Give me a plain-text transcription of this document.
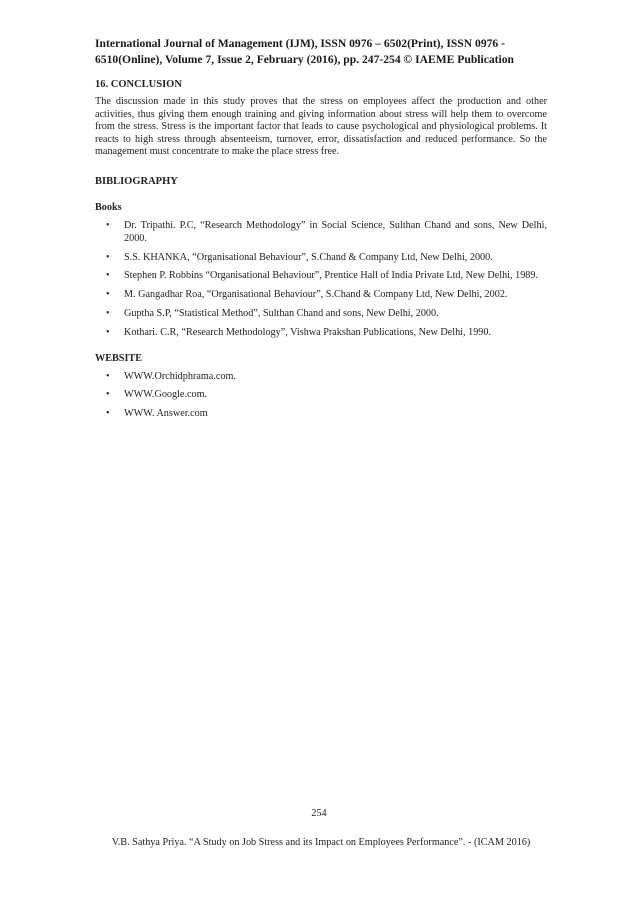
International Journal of Management (IJM), ISSN 0976 – 6502(Print), ISSN 0976 -
6510(Online), Volume 7, Issue 2, February (2016), pp. 247-254 © IAEME Publication
16. CONCLUSION
The discussion made in this study proves that the stress on employees affect the production and other activities, thus giving them enough training and giving information about stress will help them to overcome from the stress. Stress is the important factor that leads to cause psychological and physiological problems. It reacts to high stress through absenteeism, turnover, error, dissatisfaction and reduced performance. So the management must concentrate to make the place stress free.
BIBLIOGRAPHY
Books
• Dr. Tripathi. P.C, “Research Methodology” in Social Science, Sulthan Chand and sons, New Delhi, 2000.
• S.S. KHANKA, “Organisational Behaviour”, S.Chand & Company Ltd, New Delhi, 2000.
• Stephen P. Robbins “Organisational Behaviour”, Prentice Hall of India Private Ltd, New Delhi, 1989.
• M. Gangadhar Roa, “Organisational Behaviour”, S.Chand & Company Ltd, New Delhi, 2002.
• Guptha S.P, “Statistical Method”, Sulthan Chand and sons, New Delhi, 2000.
• Kothari. C.R, “Research Methodology”, Vishwa Prakshan Publications, New Delhi, 1990.
WEBSITE
• WWW.Orchidphrama.com.
• WWW.Google.com.
• WWW. Answer.com
254
V.B. Sathya Priya. “A Study on Job Stress and its Impact on Employees Performance”. - (ICAM 2016)
